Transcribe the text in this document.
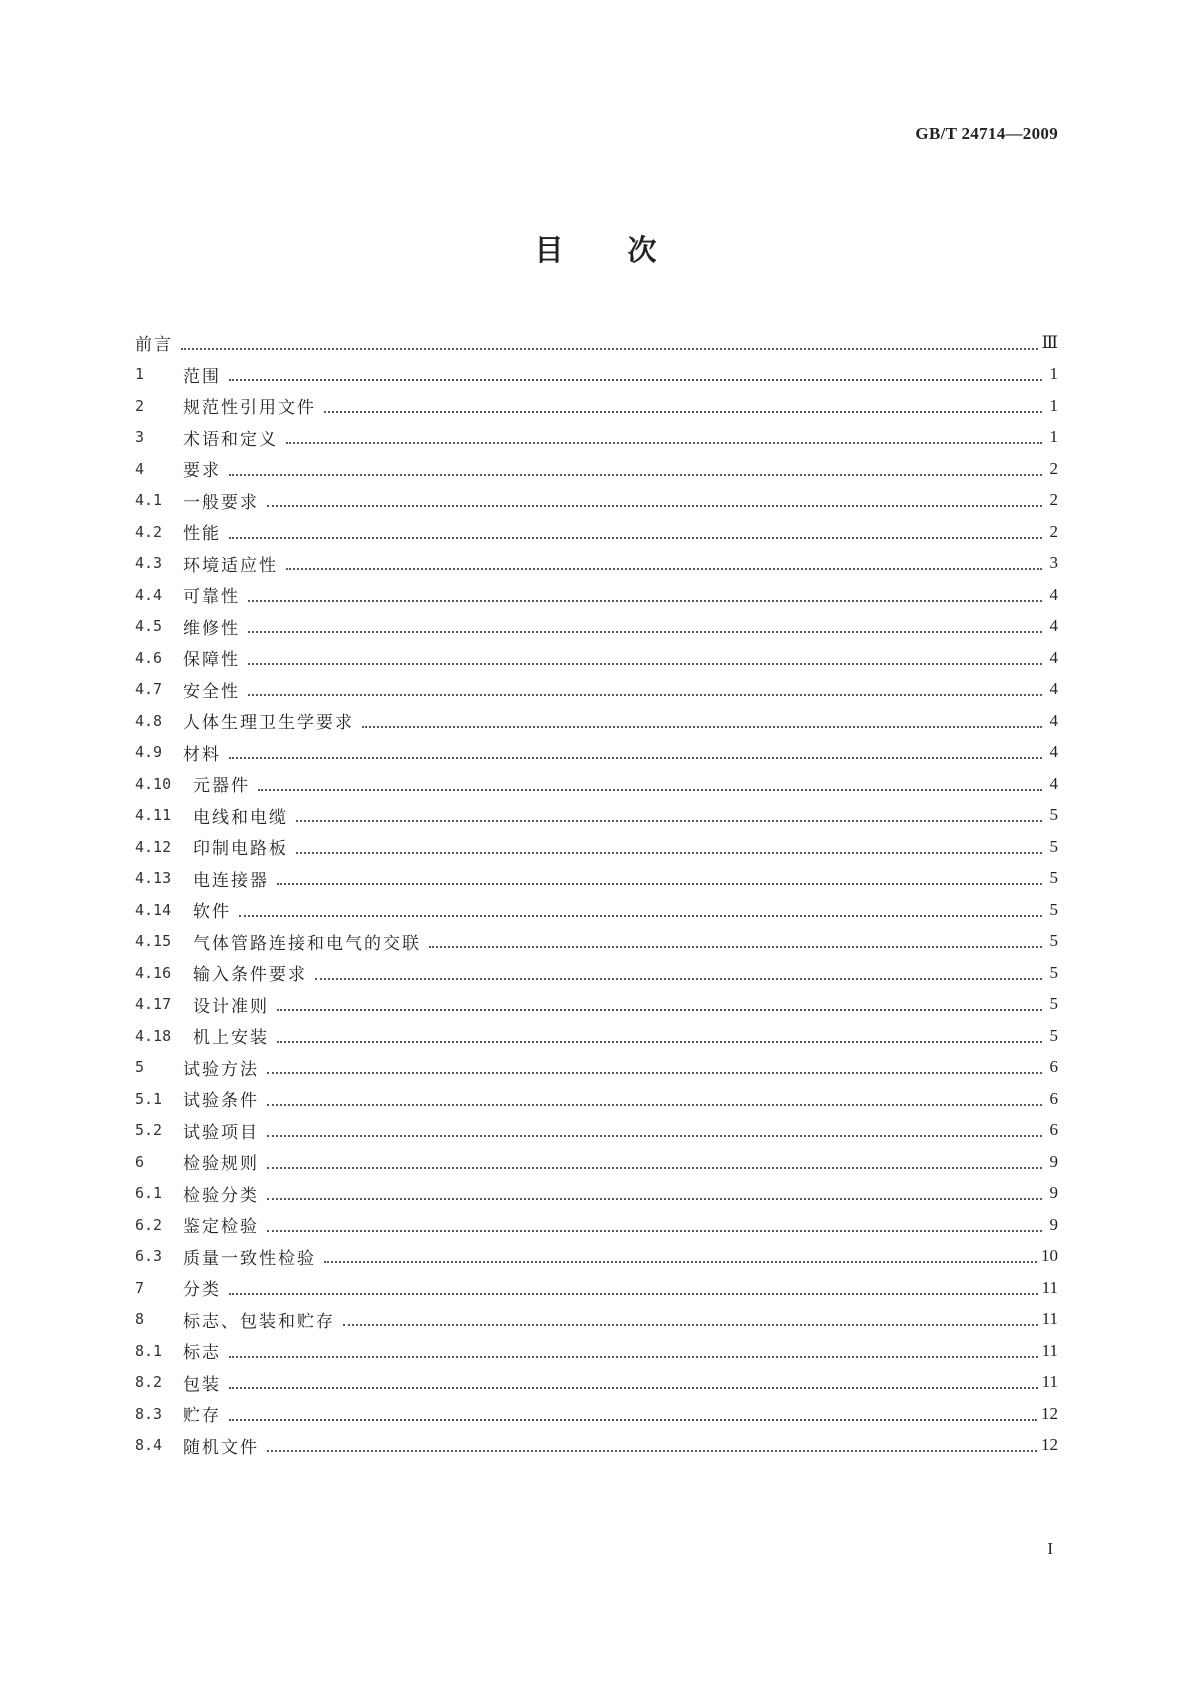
GB/T 24714—2009
目次
前言	Ⅲ
1	范围	1
2	规范性引用文件	1
3	术语和定义	1
4	要求	2
4.1	一般要求	2
4.2	性能	2
4.3	环境适应性	3
4.4	可靠性	4
4.5	维修性	4
4.6	保障性	4
4.7	安全性	4
4.8	人体生理卫生学要求	4
4.9	材料	4
4.10	元器件	4
4.11	电线和电缆	5
4.12	印制电路板	5
4.13	电连接器	5
4.14	软件	5
4.15	气体管路连接和电气的交联	5
4.16	输入条件要求	5
4.17	设计准则	5
4.18	机上安装	5
5	试验方法	6
5.1	试验条件	6
5.2	试验项目	6
6	检验规则	9
6.1	检验分类	9
6.2	鉴定检验	9
6.3	质量一致性检验	10
7	分类	11
8	标志、包装和贮存	11
8.1	标志	11
8.2	包装	11
8.3	贮存	12
8.4	随机文件	12
I
